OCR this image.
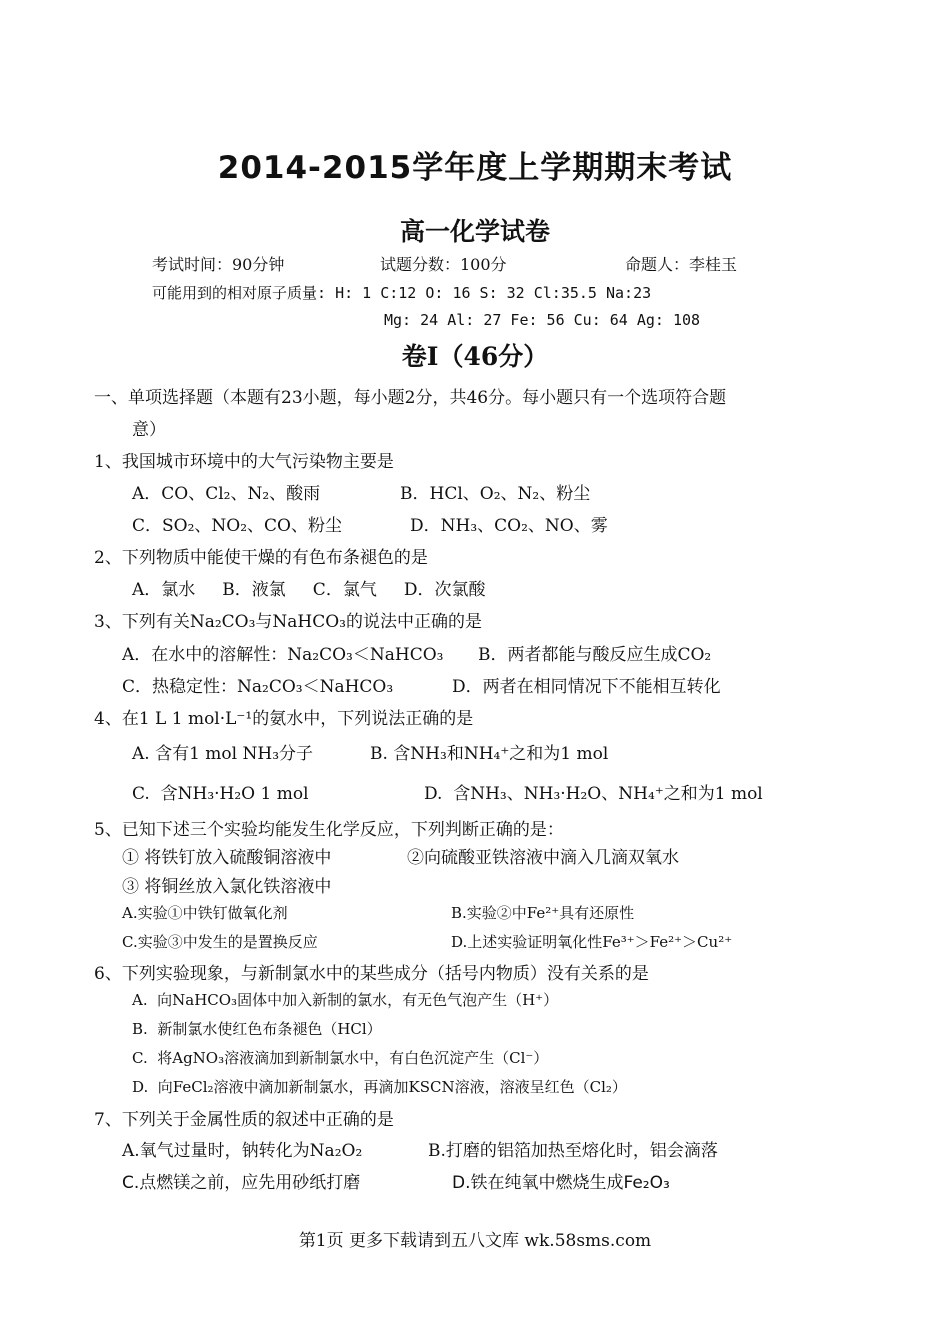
2014-2015学年度上学期期末考试
高一化学试卷
考试时间：90分钟	试题分数：100分	命题人：李桂玉
可能用到的相对原子质量: H: 1 C:12 O: 16 S: 32 Cl:35.5 Na:23
Mg: 24 Al: 27 Fe: 56 Cu: 64 Ag: 108
卷Ⅰ（46分）
一、单项选择题（本题有23小题，每小题2分，共46分。每小题只有一个选项符合题
意）
1、我国城市环境中的大气污染物主要是
A．CO、Cl₂、N₂、酸雨	B．HCl、O₂、N₂、粉尘
C．SO₂、NO₂、CO、粉尘	D．NH₃、CO₂、NO、雾
2、下列物质中能使干燥的有色布条褪色的是
A．氯水     B．液氯     C．氯气     D．次氯酸
3、下列有关Na₂CO₃与NaHCO₃的说法中正确的是
A．在水中的溶解性：Na₂CO₃＜NaHCO₃ B．两者都能与酸反应生成CO₂
C．热稳定性：Na₂CO₃＜NaHCO₃	D．两者在相同情况下不能相互转化
4、在1 L 1 mol·L⁻¹的氨水中，下列说法正确的是
A. 含有1 mol NH₃分子	B. 含NH₃和NH₄⁺之和为1 mol
C.  含NH₃·H₂O 1 mol	D.  含NH₃、NH₃·H₂O、NH₄⁺之和为1 mol
5、已知下述三个实验均能发生化学反应，下列判断正确的是：
① 将铁钉放入硫酸铜溶液中	②向硫酸亚铁溶液中滴入几滴双氧水
③ 将铜丝放入氯化铁溶液中
A.实验①中铁钉做氧化剂	B.实验②中Fe²⁺具有还原性
C.实验③中发生的是置换反应	D.上述实验证明氧化性Fe³⁺＞Fe²⁺＞Cu²⁺
6、下列实验现象，与新制氯水中的某些成分（括号内物质）没有关系的是
A.  向NaHCO₃固体中加入新制的氯水，有无色气泡产生（H⁺）
B.  新制氯水使红色布条褪色（HCl）
C.  将AgNO₃溶液滴加到新制氯水中，有白色沉淀产生（Cl⁻）
D.  向FeCl₂溶液中滴加新制氯水，再滴加KSCN溶液，溶液呈红色（Cl₂）
7、下列关于金属性质的叙述中正确的是
A.氧气过量时，钠转化为Na₂O₂	B.打磨的铝箔加热至熔化时，铝会滴落
C.点燃镁之前，应先用砂纸打磨	D.铁在纯氧中燃烧生成Fe₂O₃
第1页 更多下载请到五八文库 wk.58sms.com
